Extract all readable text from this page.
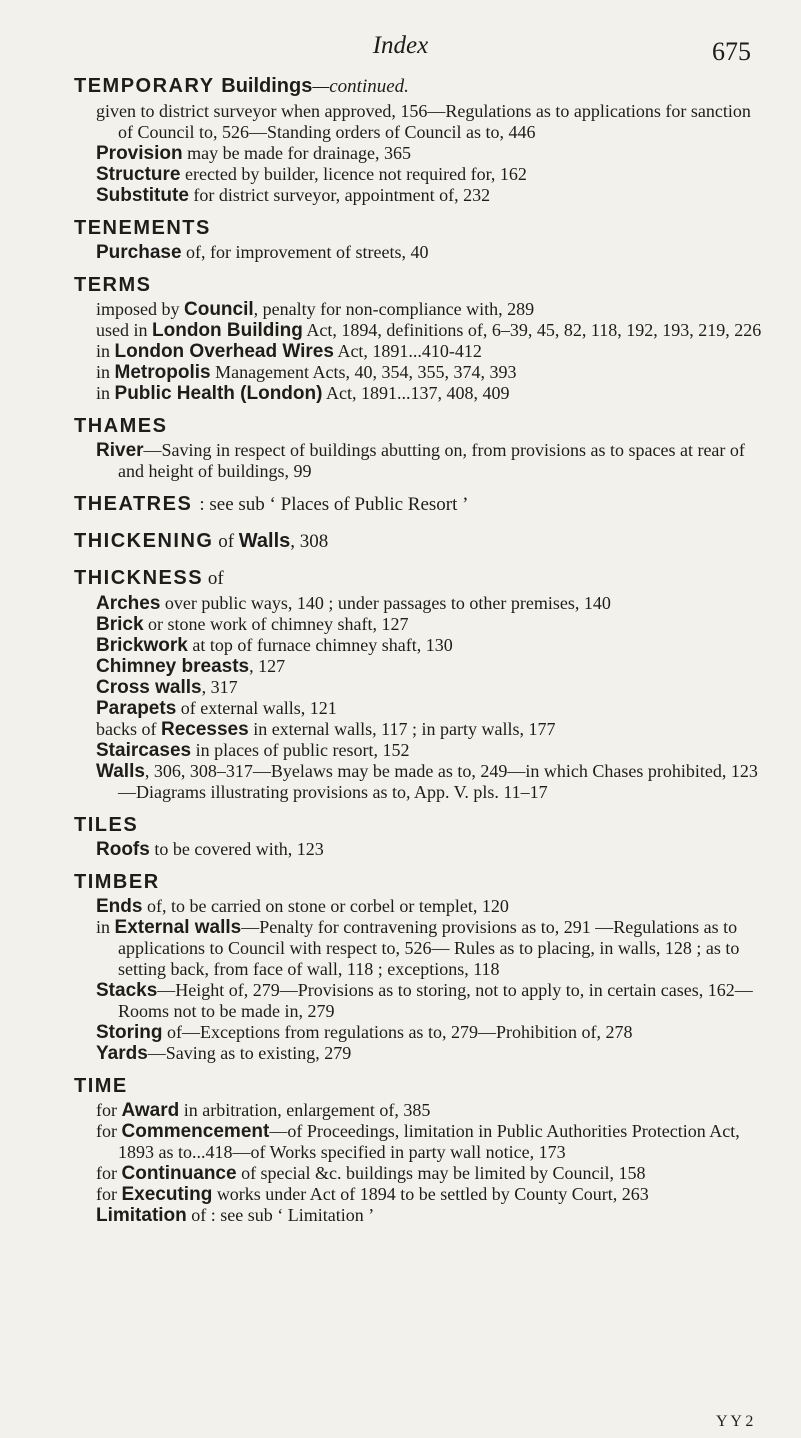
Index	675
TEMPORARY Buildings—continued.
given to district surveyor when approved, 156—Regulations as to applications for sanction of Council to, 526—Standing orders of Council as to, 446
Provision may be made for drainage, 365
Structure erected by builder, licence not required for, 162
Substitute for district surveyor, appointment of, 232
TENEMENTS
Purchase of, for improvement of streets, 40
TERMS
imposed by Council, penalty for non-compliance with, 289
used in London Building Act, 1894, definitions of, 6–39, 45, 82, 118, 192, 193, 219, 226
in London Overhead Wires Act, 1891...410-412
in Metropolis Management Acts, 40, 354, 355, 374, 393
in Public Health (London) Act, 1891...137, 408, 409
THAMES
River—Saving in respect of buildings abutting on, from provisions as to spaces at rear of and height of buildings, 99
THEATRES : see sub ‘ Places of Public Resort ’
THICKENING of Walls, 308
THICKNESS of
Arches over public ways, 140 ; under passages to other premises, 140
Brick or stone work of chimney shaft, 127
Brickwork at top of furnace chimney shaft, 130
Chimney breasts, 127
Cross walls, 317
Parapets of external walls, 121
backs of Recesses in external walls, 117 ; in party walls, 177
Staircases in places of public resort, 152
Walls, 306, 308–317—Byelaws may be made as to, 249—in which Chases prohibited, 123—Diagrams illustrating provisions as to, App. V. pls. 11–17
TILES
Roofs to be covered with, 123
TIMBER
Ends of, to be carried on stone or corbel or templet, 120
in External walls—Penalty for contravening provisions as to, 291 —Regulations as to applications to Council with respect to, 526— Rules as to placing, in walls, 128 ; as to setting back, from face of wall, 118 ; exceptions, 118
Stacks—Height of, 279—Provisions as to storing, not to apply to, in certain cases, 162—Rooms not to be made in, 279
Storing of—Exceptions from regulations as to, 279—Prohibition of, 278
Yards—Saving as to existing, 279
TIME
for Award in arbitration, enlargement of, 385
for Commencement—of Proceedings, limitation in Public Authorities Protection Act, 1893 as to...418—of Works specified in party wall notice, 173
for Continuance of special &c. buildings may be limited by Council, 158
for Executing works under Act of 1894 to be settled by County Court, 263
Limitation of : see sub ‘ Limitation ’
Y Y 2
